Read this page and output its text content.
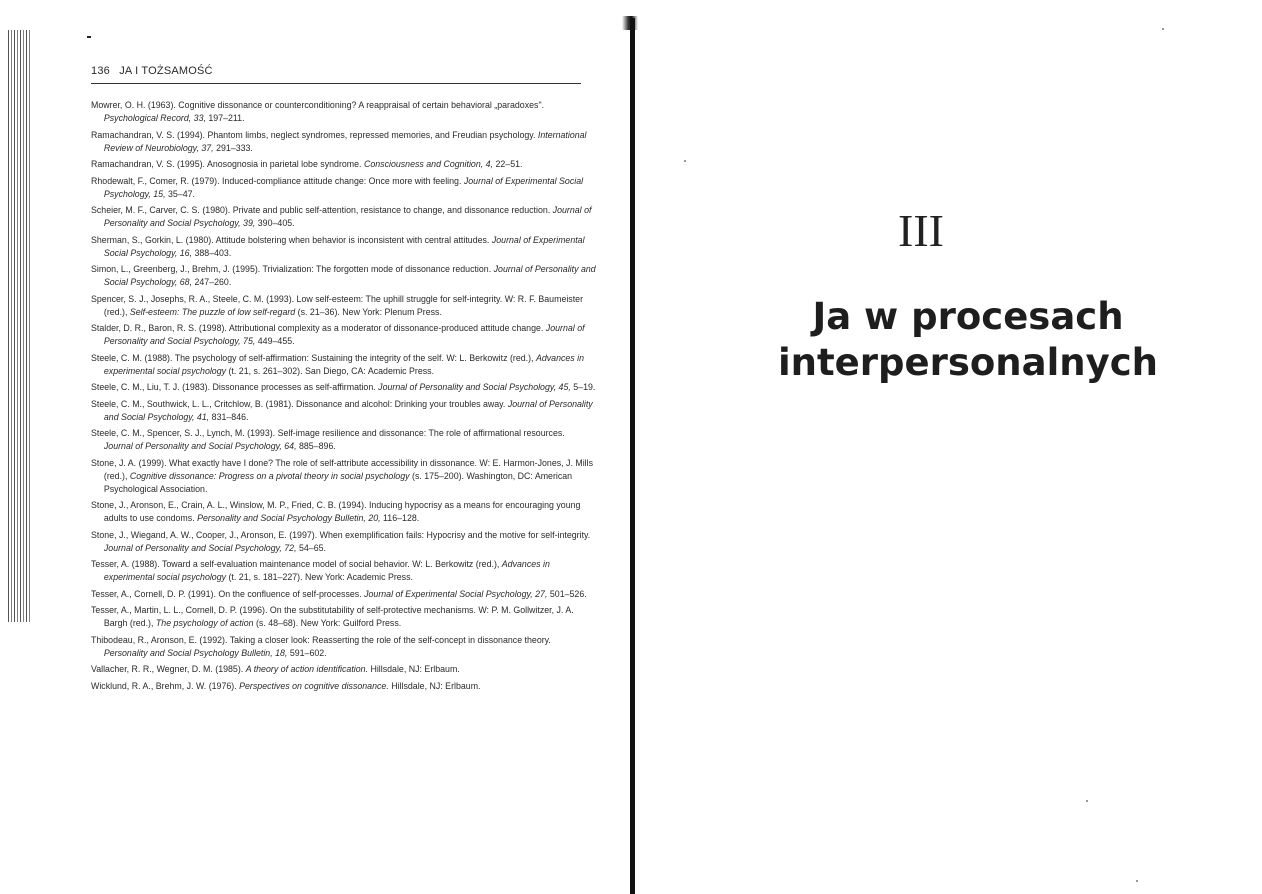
136 JA I TOŻSAMOŚĆ

Mowrer, O. H. (1963). Cognitive dissonance or counterconditioning? A reappraisal of certain behavioral „paradoxes". Psychological Record, 33, 197–211.

Ramachandran, V. S. (1994). Phantom limbs, neglect syndromes, repressed memories, and Freudian psychology. International Review of Neurobiology, 37, 291–333.

Ramachandran, V. S. (1995). Anosognosia in parietal lobe syndrome. Consciousness and Cognition, 4, 22–51.

Rhodewalt, F., Comer, R. (1979). Induced-compliance attitude change: Once more with feeling. Journal of Experimental Social Psychology, 15, 35–47.

Scheier, M. F., Carver, C. S. (1980). Private and public self-attention, resistance to change, and dissonance reduction. Journal of Personality and Social Psychology, 39, 390–405.

Sherman, S., Gorkin, L. (1980). Attitude bolstering when behavior is inconsistent with central attitudes. Journal of Experimental Social Psychology, 16, 388–403.

Simon, L., Greenberg, J., Brehm, J. (1995). Trivialization: The forgotten mode of dissonance reduction. Journal of Personality and Social Psychology, 68, 247–260.

Spencer, S. J., Josephs, R. A., Steele, C. M. (1993). Low self-esteem: The uphill struggle for self-integrity. W: R. F. Baumeister (red.), Self-esteem: The puzzle of low self-regard (s. 21–36). New York: Plenum Press.

Stalder, D. R., Baron, R. S. (1998). Attributional complexity as a moderator of dissonance-produced attitude change. Journal of Personality and Social Psychology, 75, 449–455.

Steele, C. M. (1988). The psychology of self-affirmation: Sustaining the integrity of the self. W: L. Berkowitz (red.), Advances in experimental social psychology (t. 21, s. 261–302). San Diego, CA: Academic Press.

Steele, C. M., Liu, T. J. (1983). Dissonance processes as self-affirmation. Journal of Personality and Social Psychology, 45, 5–19.

Steele, C. M., Southwick, L. L., Critchlow, B. (1981). Dissonance and alcohol: Drinking your troubles away. Journal of Personality and Social Psychology, 41, 831–846.

Steele, C. M., Spencer, S. J., Lynch, M. (1993). Self-image resilience and dissonance: The role of affirmational resources. Journal of Personality and Social Psychology, 64, 885–896.

Stone, J. A. (1999). What exactly have I done? The role of self-attribute accessibility in dissonance. W: E. Harmon-Jones, J. Mills (red.), Cognitive dissonance: Progress on a pivotal theory in social psychology (s. 175–200). Washington, DC: American Psychological Association.

Stone, J., Aronson, E., Crain, A. L., Winslow, M. P., Fried, C. B. (1994). Inducing hypocrisy as a means for encouraging young adults to use condoms. Personality and Social Psychology Bulletin, 20, 116–128.

Stone, J., Wiegand, A. W., Cooper, J., Aronson, E. (1997). When exemplification fails: Hypocrisy and the motive for self-integrity. Journal of Personality and Social Psychology, 72, 54–65.

Tesser, A. (1988). Toward a self-evaluation maintenance model of social behavior. W: L. Berkowitz (red.), Advances in experimental social psychology (t. 21, s. 181–227). New York: Academic Press.

Tesser, A., Cornell, D. P. (1991). On the confluence of self-processes. Journal of Experimental Social Psychology, 27, 501–526.

Tesser, A., Martin, L. L., Cornell, D. P. (1996). On the substitutability of self-protective mechanisms. W: P. M. Gollwitzer, J. A. Bargh (red.), The psychology of action (s. 48–68). New York: Guilford Press.

Thibodeau, R., Aronson, E. (1992). Taking a closer look: Reasserting the role of the self-concept in dissonance theory. Personality and Social Psychology Bulletin, 18, 591–602.

Vallacher, R. R., Wegner, D. M. (1985). A theory of action identification. Hillsdale, NJ: Erlbaum.

Wicklund, R. A., Brehm, J. W. (1976). Perspectives on cognitive dissonance. Hillsdale, NJ: Erlbaum.

III
Ja w procesach
interpersonalnych
